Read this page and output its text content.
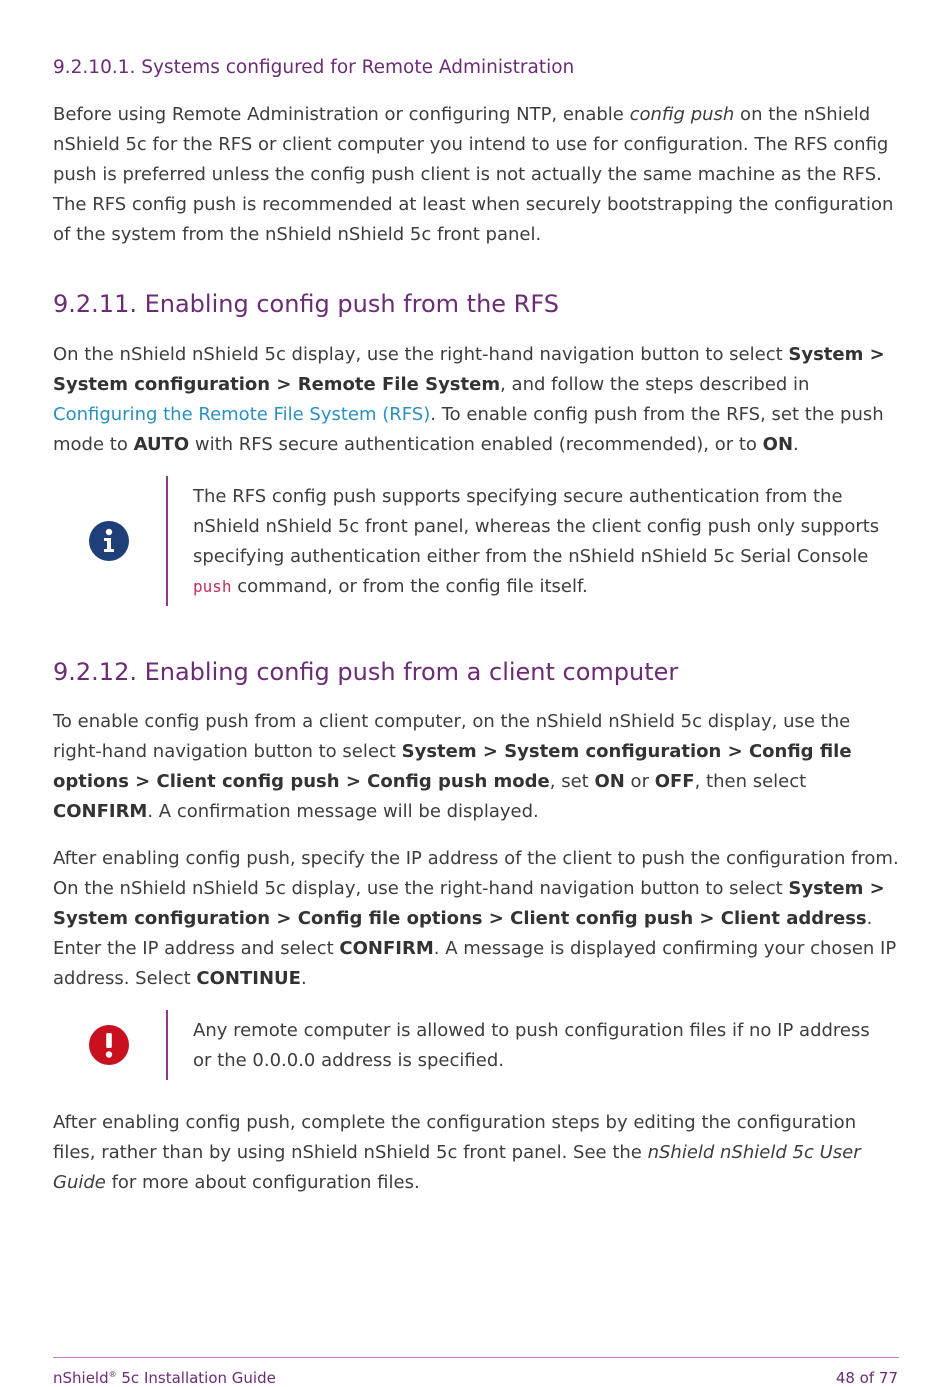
9.2.10.1. Systems configured for Remote Administration
Before using Remote Administration or configuring NTP, enable config push on the nShield nShield 5c for the RFS or client computer you intend to use for configuration. The RFS config push is preferred unless the config push client is not actually the same machine as the RFS. The RFS config push is recommended at least when securely bootstrapping the configuration of the system from the nShield nShield 5c front panel.
9.2.11. Enabling config push from the RFS
On the nShield nShield 5c display, use the right-hand navigation button to select System > System configuration > Remote File System, and follow the steps described in Configuring the Remote File System (RFS). To enable config push from the RFS, set the push mode to AUTO with RFS secure authentication enabled (recommended), or to ON.
The RFS config push supports specifying secure authentication from the nShield nShield 5c front panel, whereas the client config push only supports specifying authentication either from the nShield nShield 5c Serial Console push command, or from the config file itself.
9.2.12. Enabling config push from a client computer
To enable config push from a client computer, on the nShield nShield 5c display, use the right-hand navigation button to select System > System configuration > Config file options > Client config push > Config push mode, set ON or OFF, then select CONFIRM. A confirmation message will be displayed.
After enabling config push, specify the IP address of the client to push the configuration from. On the nShield nShield 5c display, use the right-hand navigation button to select System > System configuration > Config file options > Client config push > Client address. Enter the IP address and select CONFIRM. A message is displayed confirming your chosen IP address. Select CONTINUE.
Any remote computer is allowed to push configuration files if no IP address or the 0.0.0.0 address is specified.
After enabling config push, complete the configuration steps by editing the configuration files, rather than by using nShield nShield 5c front panel. See the nShield nShield 5c User Guide for more about configuration files.
nShield® 5c Installation Guide	48 of 77
